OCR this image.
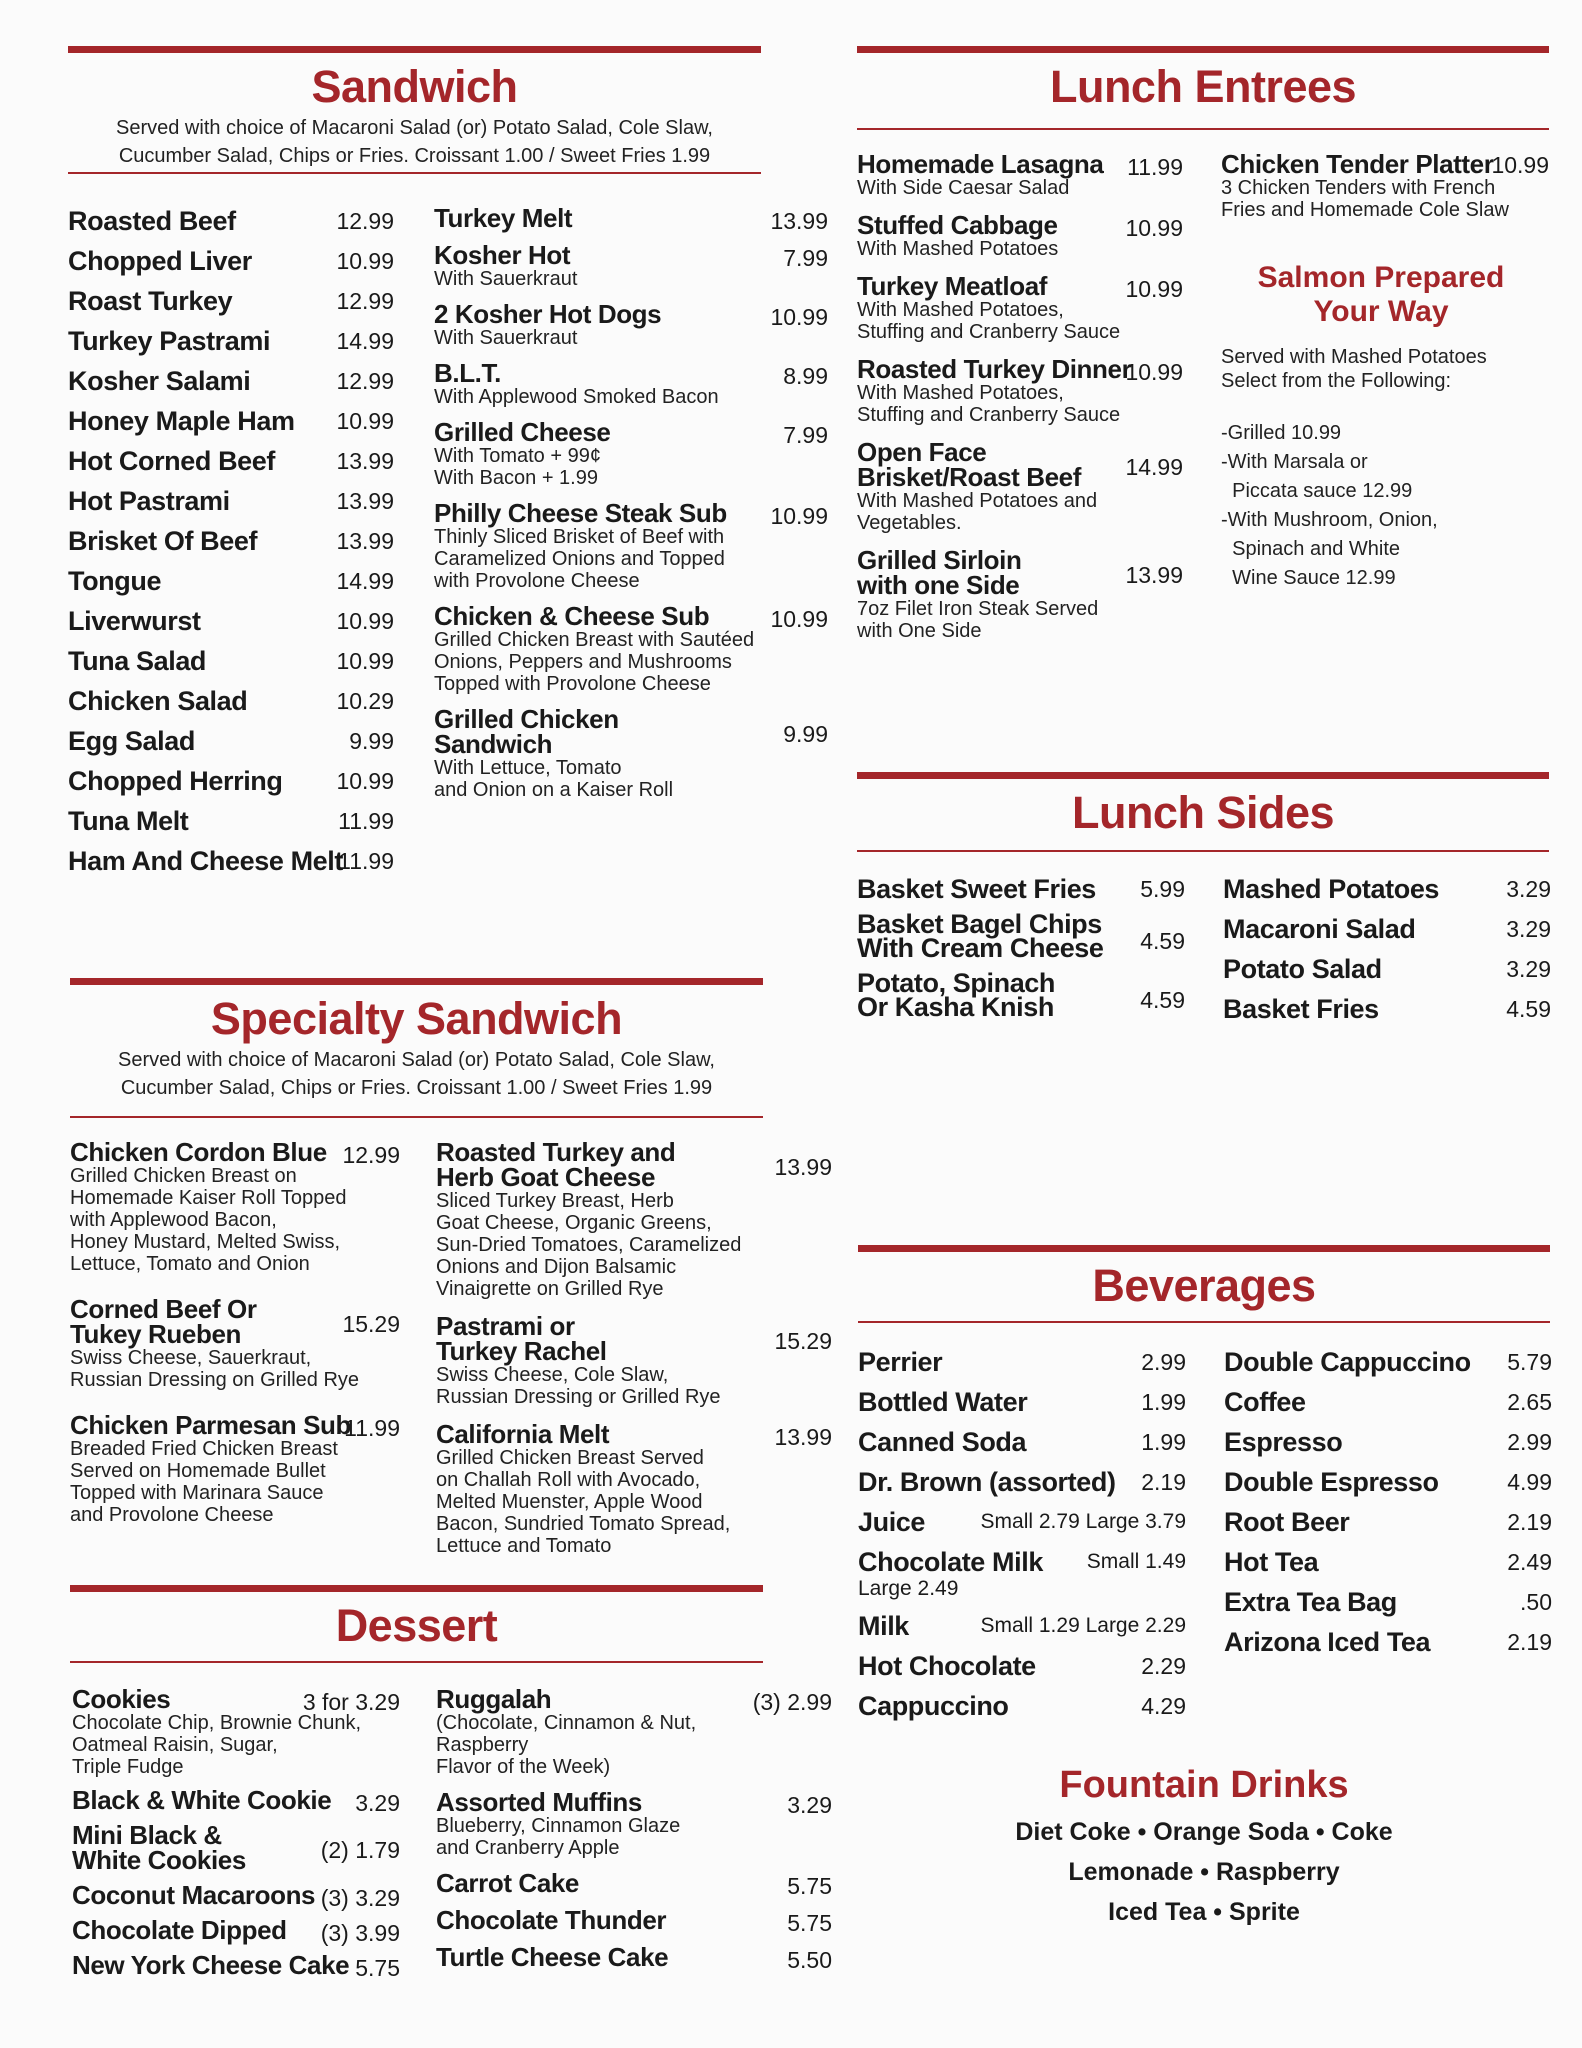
Sandwich
Served with choice of Macaroni Salad (or) Potato Salad, Cole Slaw,
Cucumber Salad, Chips or Fries. Croissant 1.00 / Sweet Fries 1.99
Roasted Beef	12.99
Chopped Liver	10.99
Roast Turkey	12.99
Turkey Pastrami	14.99
Kosher Salami	12.99
Honey Maple Ham 10.99
Hot Corned Beef	13.99
Hot Pastrami	13.99
Brisket Of Beef	13.99
Tongue	14.99
Liverwurst	10.99
Tuna Salad	10.99
Chicken Salad	10.29
Egg Salad	9.99
Chopped Herring 10.99
Tuna Melt	11.99
Ham And Cheese Melt
11.99
Turkey Melt	13.99
Kosher Hot
With Sauerkraut
7.99
2 Kosher Hot Dogs
With Sauerkraut
10.99
B.L.T.
With Applewood Smoked Bacon
8.99
Grilled Cheese
With Tomato + 99¢
With Bacon + 1.99
7.99
Philly Cheese Steak Sub
Thinly Sliced Brisket of Beef with
Caramelized Onions and Topped
with Provolone Cheese
10.99
Chicken & Cheese Sub
Grilled Chicken Breast with Sautéed
Onions, Peppers and Mushrooms
Topped with Provolone Cheese
10.99
Grilled Chicken
Sandwich
With Lettuce, Tomato
and Onion on a Kaiser Roll
9.99
Specialty Sandwich
Served with choice of Macaroni Salad (or) Potato Salad, Cole Slaw,
Cucumber Salad, Chips or Fries. Croissant 1.00 / Sweet Fries 1.99
Chicken Cordon Blue
Grilled Chicken Breast on
Homemade Kaiser Roll Topped
with Applewood Bacon,
Honey Mustard, Melted Swiss,
Lettuce, Tomato and Onion
12.99
Corned Beef Or
Tukey Rueben
Swiss Cheese, Sauerkraut,
Russian Dressing on Grilled Rye
15.29
Chicken Parmesan Sub
Breaded Fried Chicken Breast
Served on Homemade Bullet
Topped with Marinara Sauce
and Provolone Cheese
11.99
Roasted Turkey and
Herb Goat Cheese
Sliced Turkey Breast, Herb
Goat Cheese, Organic Greens,
Sun-Dried Tomatoes, Caramelized
Onions and Dijon Balsamic
Vinaigrette on Grilled Rye
13.99
Pastrami or
Turkey Rachel
Swiss Cheese, Cole Slaw,
Russian Dressing or Grilled Rye
15.29
California Melt
Grilled Chicken Breast Served
on Challah Roll with Avocado,
Melted Muenster, Apple Wood
Bacon, Sundried Tomato Spread,
Lettuce and Tomato
13.99
Dessert
Cookies
Chocolate Chip, Brownie Chunk,
Oatmeal Raisin, Sugar,
Triple Fudge
3 for 3.29
Black & White Cookie	3.29
Mini Black &
White Cookies	(2) 1.79
Coconut Macaroons (3) 3.29
Chocolate Dipped	(3) 3.99
New York Cheese Cake 5.75
Ruggalah
(Chocolate, Cinnamon & Nut,
Raspberry
Flavor of the Week)
(3) 2.99
Assorted Muffins
Blueberry, Cinnamon Glaze
and Cranberry Apple
3.29
Carrot Cake	5.75
Chocolate Thunder	5.75
Turtle Cheese Cake	5.50
Lunch Entrees
Homemade Lasagna
With Side Caesar Salad
11.99
Stuffed Cabbage
With Mashed Potatoes
10.99
Turkey Meatloaf
With Mashed Potatoes,
Stuffing and Cranberry Sauce
10.99
Roasted Turkey Dinner
With Mashed Potatoes,
Stuffing and Cranberry Sauce
10.99
Open Face
Brisket/Roast Beef
With Mashed Potatoes and
Vegetables.
14.99
Grilled Sirloin
with one Side
7oz Filet Iron Steak Served
with One Side
13.99
Chicken Tender Platter
3 Chicken Tenders with French
Fries and Homemade Cole Slaw
10.99
Salmon Prepared
Your Way
Served with Mashed Potatoes
Select from the Following:
-Grilled 10.99
-With Marsala or
Piccata sauce 12.99
-With Mushroom, Onion,
Spinach and White
Wine Sauce 12.99
Lunch Sides
Basket Sweet Fries 5.99
Basket Bagel Chips
With Cream Cheese 4.59
Potato, Spinach
Or Kasha Knish	4.59
Mashed Potatoes	3.29
Macaroni Salad	3.29
Potato Salad	3.29
Basket Fries	4.59
Beverages
Perrier	2.99
Bottled Water	1.99
Canned Soda	1.99
Dr. Brown (assorted) 2.19
Juice	Small 2.79 Large 3.79
Chocolate Milk Small 1.49
Large 2.49
Milk	Small 1.29 Large 2.29
Hot Chocolate	2.29
Cappuccino	4.29
Double Cappuccino 5.79
Coffee	2.65
Espresso	2.99
Double Espresso	4.99
Root Beer	2.19
Hot Tea	2.49
Extra Tea Bag	.50
Arizona Iced Tea	2.19
Fountain Drinks
Diet Coke • Orange Soda • Coke
Lemonade • Raspberry
Iced Tea • Sprite
